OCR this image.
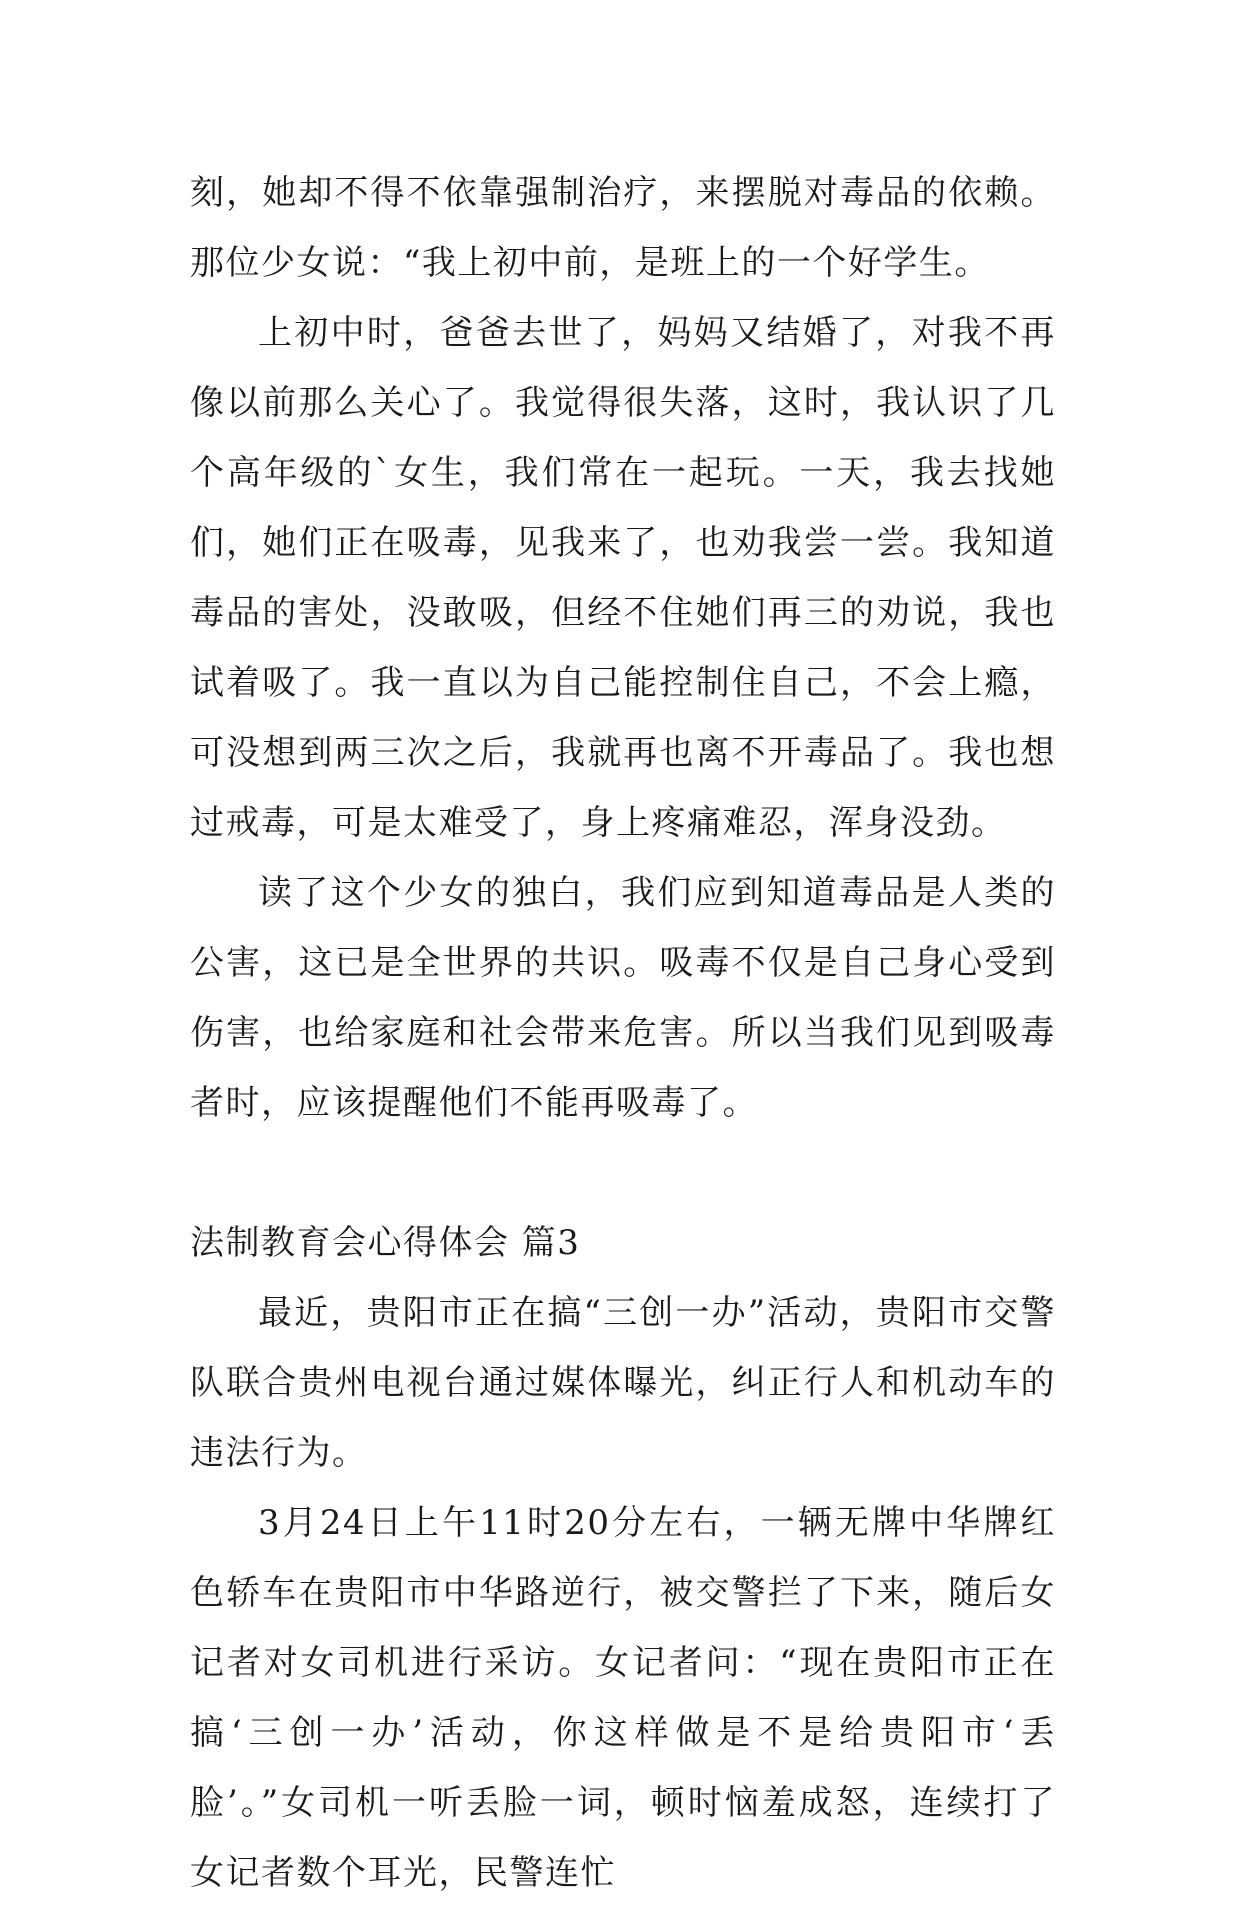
刻，她却不得不依靠强制治疗，来摆脱对毒品的依赖。那位少女说：“我上初中前，是班上的一个好学生。

上初中时，爸爸去世了，妈妈又结婚了，对我不再像以前那么关心了。我觉得很失落，这时，我认识了几个高年级的`女生，我们常在一起玩。一天，我去找她们，她们正在吸毒，见我来了，也劝我尝一尝。我知道毒品的害处，没敢吸，但经不住她们再三的劝说，我也试着吸了。我一直以为自己能控制住自己，不会上瘾，可没想到两三次之后，我就再也离不开毒品了。我也想过戒毒，可是太难受了，身上疼痛难忍，浑身没劲。

读了这个少女的独白，我们应到知道毒品是人类的公害，这已是全世界的共识。吸毒不仅是自己身心受到伤害，也给家庭和社会带来危害。所以当我们见到吸毒者时，应该提醒他们不能再吸毒了。

法制教育会心得体会 篇3

最近，贵阳市正在搞“三创一办”活动，贵阳市交警队联合贵州电视台通过媒体曝光，纠正行人和机动车的违法行为。

3月24日上午11时20分左右，一辆无牌中华牌红色轿车在贵阳市中华路逆行，被交警拦了下来，随后女记者对女司机进行采访。女记者问：“现在贵阳市正在搞‘三创一办’活动，你这样做是不是给贵阳市‘丢脸’。”女司机一听丢脸一词，顿时恼羞成怒，连续打了女记者数个耳光，民警连忙
